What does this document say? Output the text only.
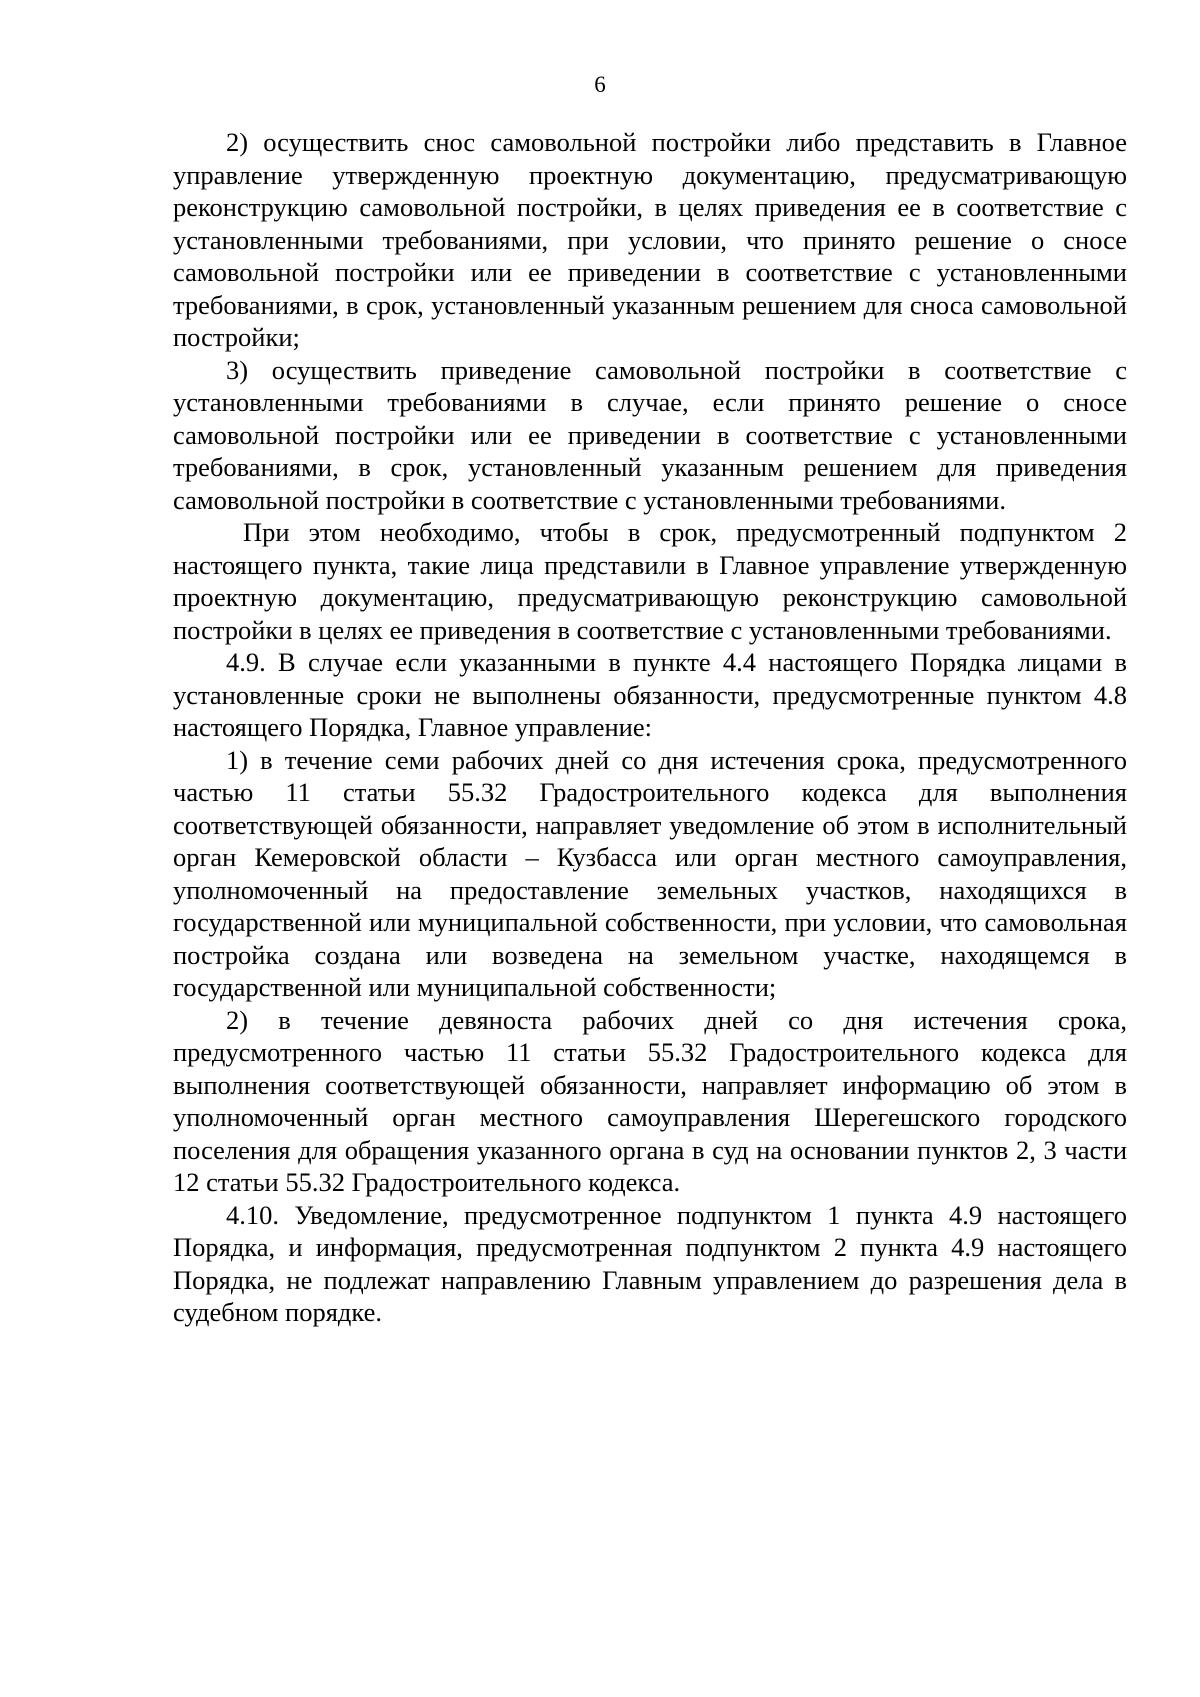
6

2) осуществить снос самовольной постройки либо представить в Главное управление утвержденную проектную документацию, предусматривающую реконструкцию самовольной постройки, в целях приведения ее в соответствие с установленными требованиями, при условии, что принято решение о сносе самовольной постройки или ее приведении в соответствие с установленными требованиями, в срок, установленный указанным решением для сноса самовольной постройки;

3) осуществить приведение самовольной постройки в соответствие с установленными требованиями в случае, если принято решение о сносе самовольной постройки или ее приведении в соответствие с установленными требованиями, в срок, установленный указанным решением для приведения самовольной постройки в соответствие с установленными требованиями.

При этом необходимо, чтобы в срок, предусмотренный подпунктом 2 настоящего пункта, такие лица представили в Главное управление утвержденную проектную документацию, предусматривающую реконструкцию самовольной постройки в целях ее приведения в соответствие с установленными требованиями.

4.9. В случае если указанными в пункте 4.4 настоящего Порядка лицами в установленные сроки не выполнены обязанности, предусмотренные пунктом 4.8 настоящего Порядка, Главное управление:

1) в течение семи рабочих дней со дня истечения срока, предусмотренного частью 11 статьи 55.32 Градостроительного кодекса для выполнения соответствующей обязанности, направляет уведомление об этом в исполнительный орган Кемеровской области – Кузбасса или орган местного самоуправления, уполномоченный на предоставление земельных участков, находящихся в государственной или муниципальной собственности, при условии, что самовольная постройка создана или возведена на земельном участке, находящемся в государственной или муниципальной собственности;

2) в течение девяноста рабочих дней со дня истечения срока, предусмотренного частью 11 статьи 55.32 Градостроительного кодекса для выполнения соответствующей обязанности, направляет информацию об этом в уполномоченный орган местного самоуправления Шерегешского городского поселения для обращения указанного органа в суд на основании пунктов 2, 3 части 12 статьи 55.32 Градостроительного кодекса.

4.10. Уведомление, предусмотренное подпунктом 1 пункта 4.9 настоящего Порядка, и информация, предусмотренная подпунктом 2 пункта 4.9 настоящего Порядка, не подлежат направлению Главным управлением до разрешения дела в судебном порядке.
